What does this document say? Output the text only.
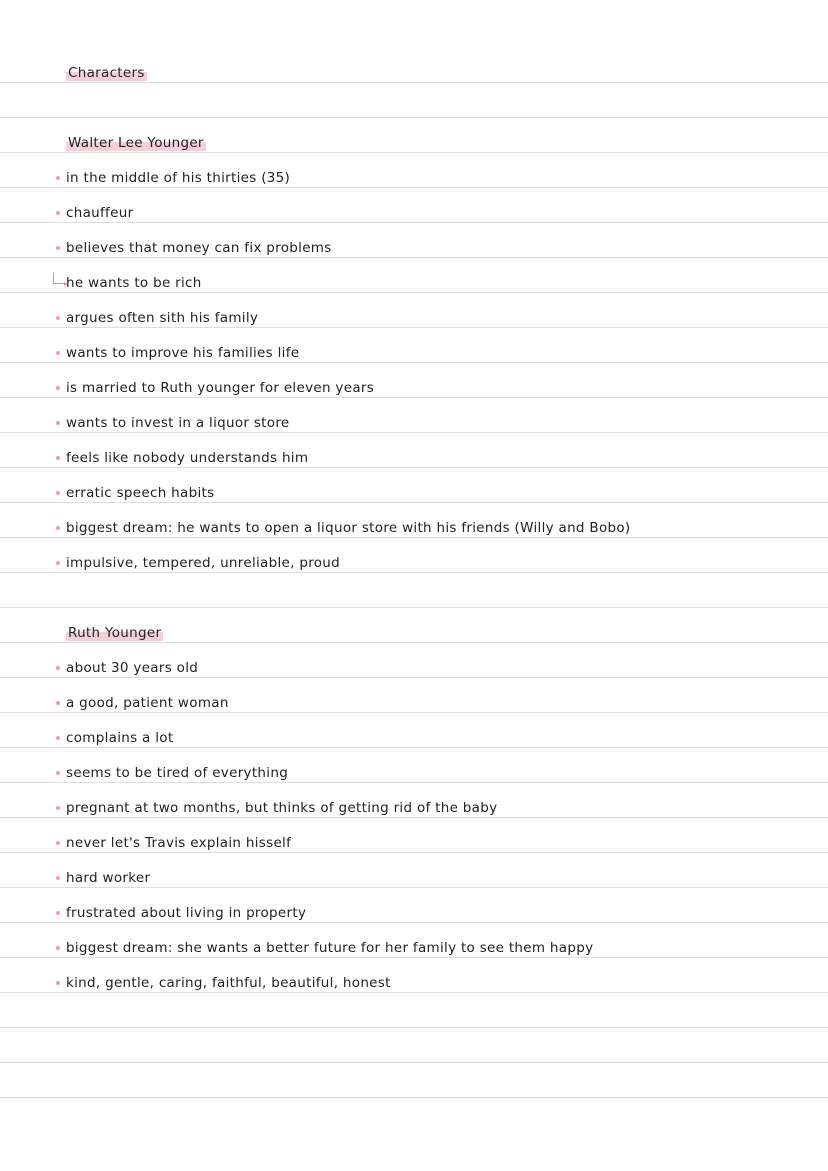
Characters
Walter Lee Younger
in the middle of his thirties (35)
chauffeur
believes that money can fix problems
he wants to be rich
argues often sith his family
wants to improve his families life
is married to Ruth younger for eleven years
wants to invest in a liquor store
feels like nobody understands him
erratic speech habits
biggest dream: he wants to open a liquor store with his friends (Willy and Bobo)
impulsive, tempered, unreliable, proud
Ruth Younger
about 30 years old
a good, patient woman
complains a lot
seems to be tired of everything
pregnant at two months, but thinks of getting rid of the baby
never let's Travis explain hisself
hard worker
frustrated about living in property
biggest dream: she wants a better future for her family to see them happy
kind, gentle, caring, faithful, beautiful, honest
